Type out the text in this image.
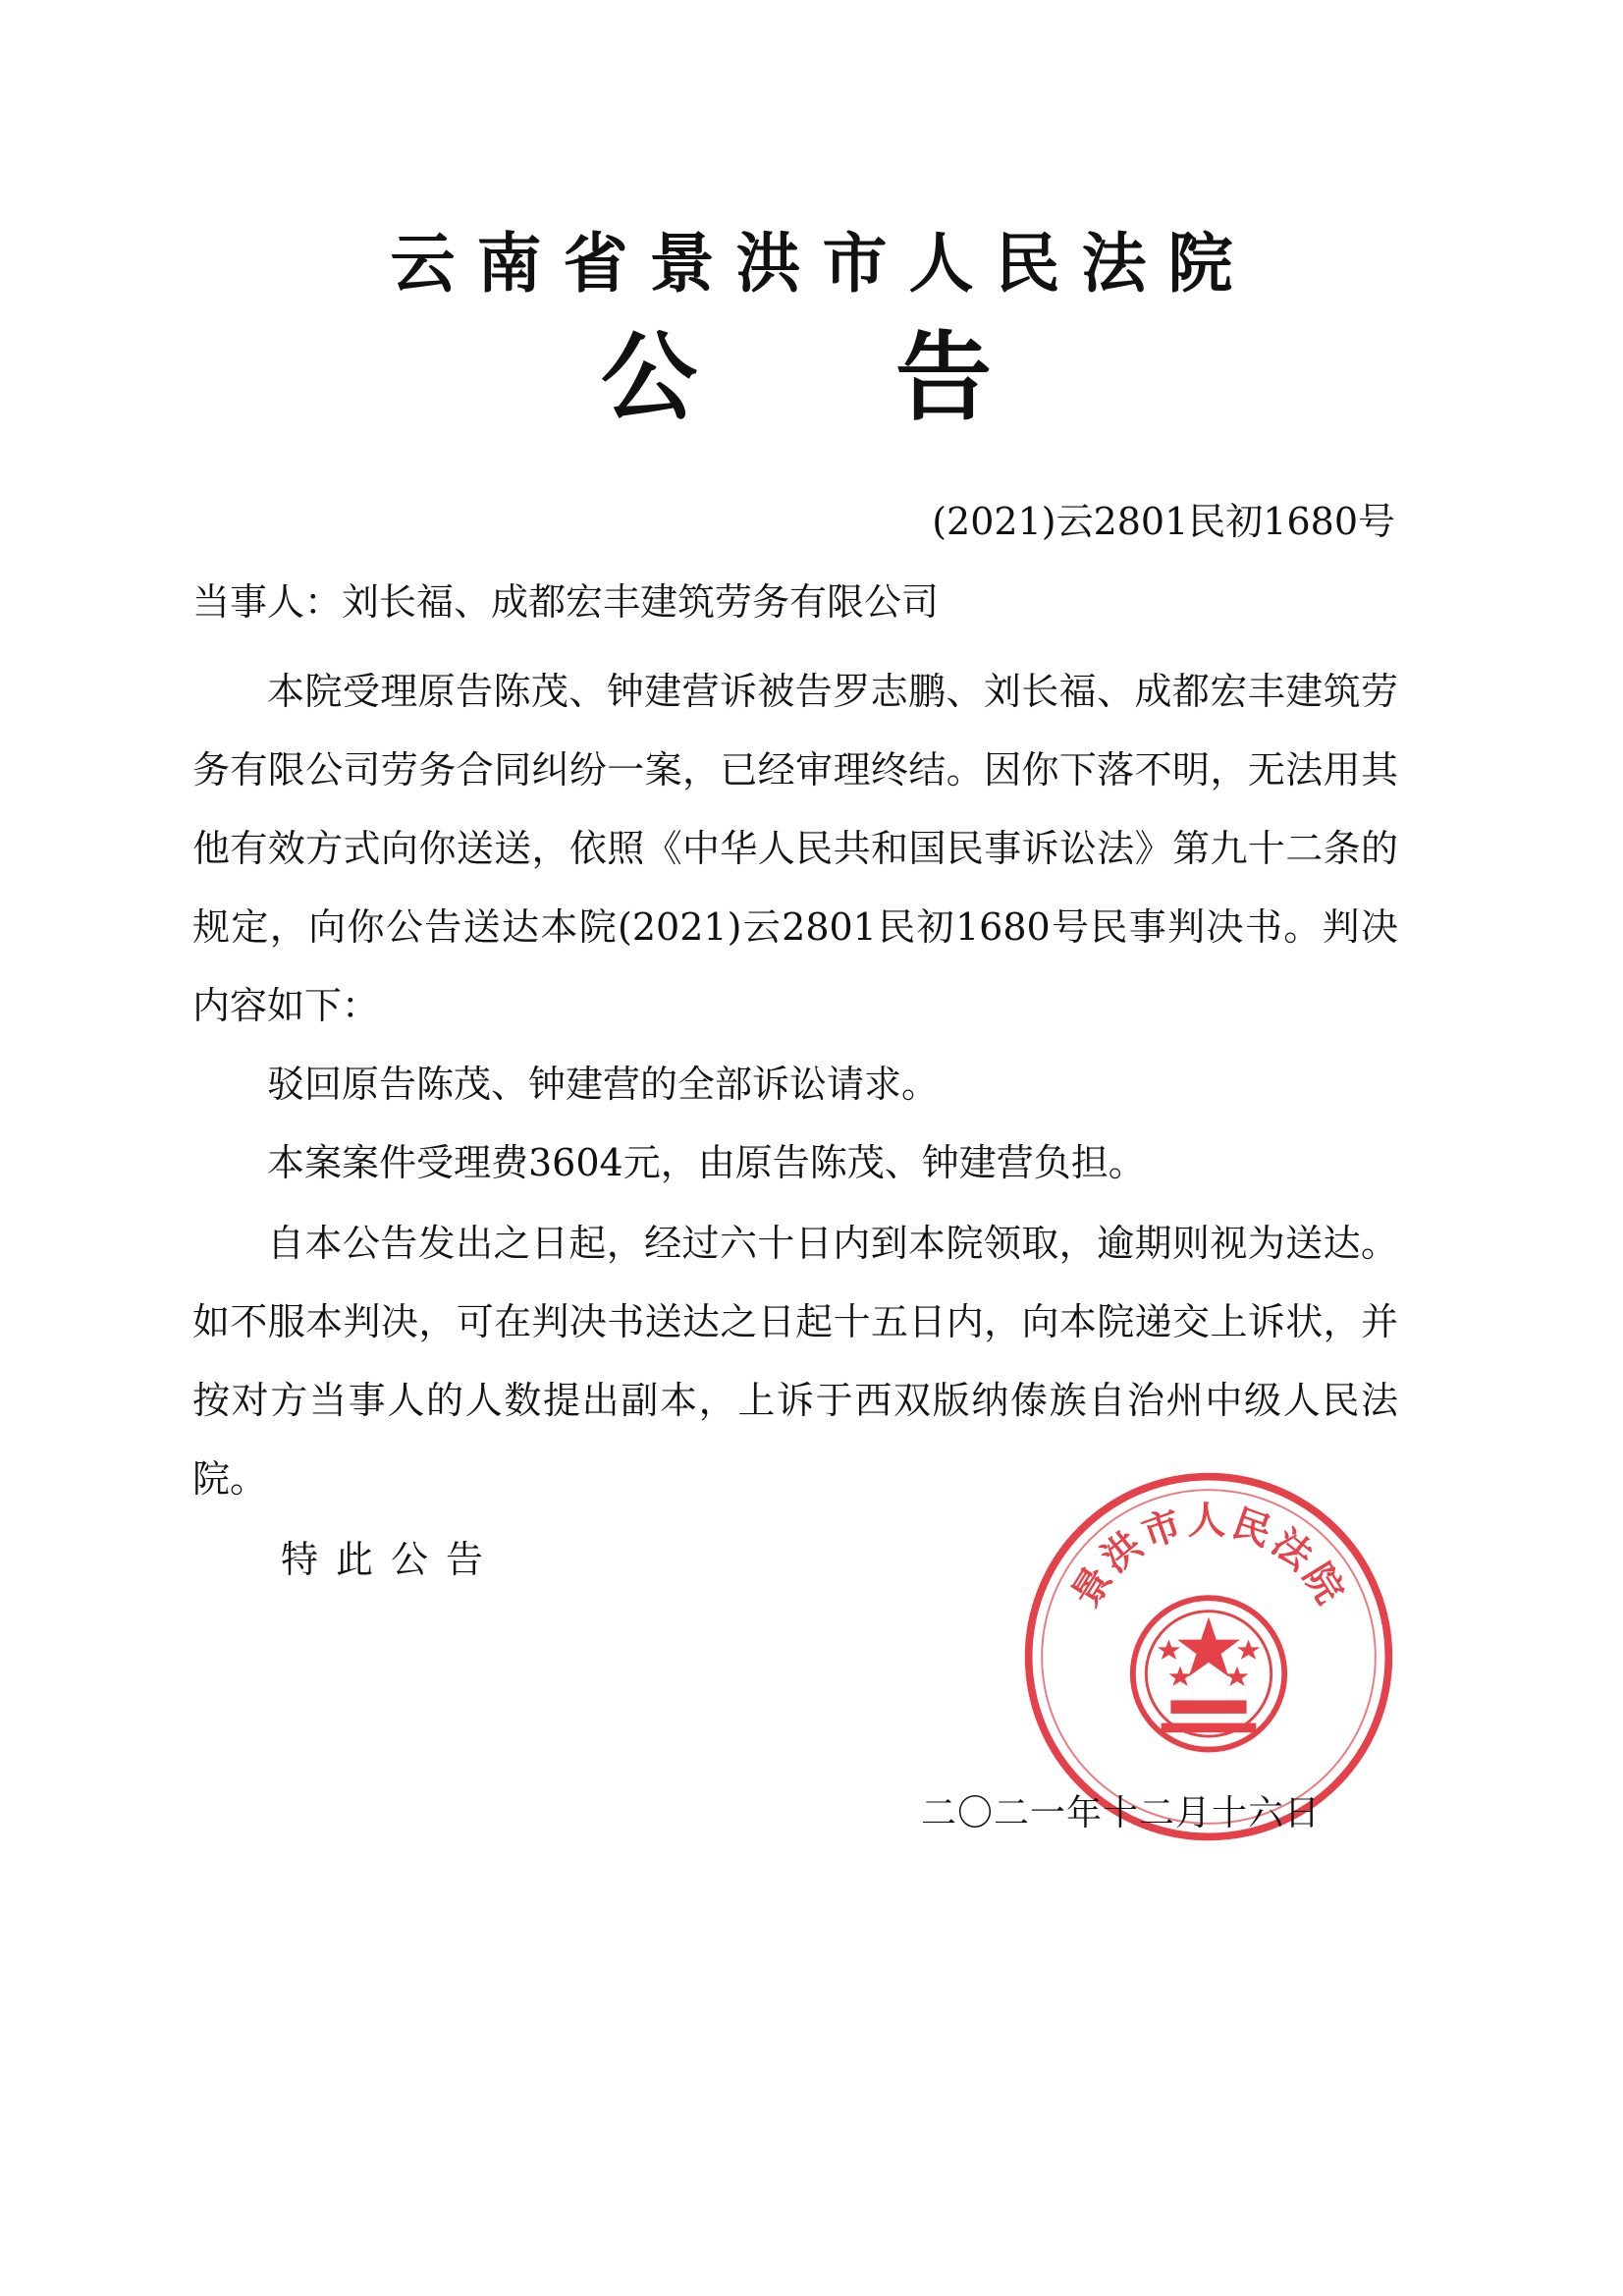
云南省景洪市人民法院
公 告

(2021)云2801民初1680号

当事人：刘长福、成都宏丰建筑劳务有限公司

本院受理原告陈茂、钟建营诉被告罗志鹏、刘长福、成都宏丰建筑劳务有限公司劳务合同纠纷一案，已经审理终结。因你下落不明，无法用其他有效方式向你送送，依照《中华人民共和国民事诉讼法》第九十二条的规定，向你公告送达本院(2021)云2801民初1680号民事判决书。判决内容如下：

驳回原告陈茂、钟建营的全部诉讼请求。

本案案件受理费3604元，由原告陈茂、钟建营负担。

自本公告发出之日起，经过六十日内到本院领取，逾期则视为送达。如不服本判决，可在判决书送达之日起十五日内，向本院递交上诉状，并按对方当事人的人数提出副本，上诉于西双版纳傣族自治州中级人民法院。

特此公告	景洪市人民法院

二〇二一年十二月十六日
